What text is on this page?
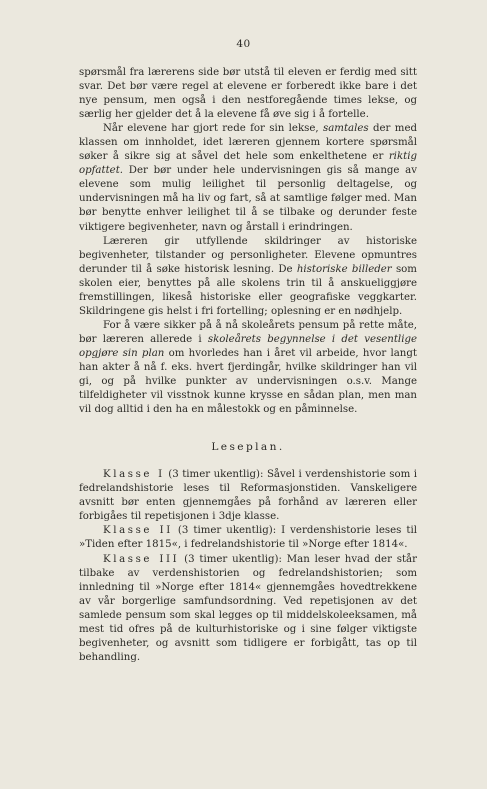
40

spørsmål fra lærerens side bør utstå til eleven er ferdig med sitt svar. Det bør være regel at elevene er forberedt ikke bare i det nye pensum, men også i den nestforegående times lekse, og særlig her gjelder det å la elevene få øve sig i å fortelle.

Når elevene har gjort rede for sin lekse, samtales der med klassen om innholdet, idet læreren gjennem kortere spørsmål søker å sikre sig at såvel det hele som enkelthetene er riktig opfattet. Der bør under hele undervisningen gis så mange av elevene som mulig leilighet til personlig deltagelse, og undervisningen må ha liv og fart, så at samtlige følger med. Man bør benytte enhver leilighet til å se tilbake og derunder feste viktigere begivenheter, navn og årstall i erindringen.

Læreren gir utfyllende skildringer av historiske begivenheter, tilstander og personligheter. Elevene opmuntres derunder til å søke historisk lesning. De historiske billeder som skolen eier, benyttes på alle skolens trin til å anskueliggjøre fremstillingen, likeså historiske eller geografiske veggkarter. Skildringene gis helst i fri fortelling; oplesning er en nødhjelp.

For å være sikker på å nå skoleårets pensum på rette måte, bør læreren allerede i skoleårets begynnelse i det vesentlige opgjøre sin plan om hvorledes han i året vil arbeide, hvor langt han akter å nå f. eks. hvert fjerdingår, hvilke skildringer han vil gi, og på hvilke punkter av undervisningen o.s.v. Mange tilfeldigheter vil visstnok kunne krysse en sådan plan, men man vil dog alltid i den ha en målestokk og en påminnelse.

Leseplan.

Klasse I (3 timer ukentlig): Såvel i verdenshistorie som i fedrelandshistorie leses til Reformasjonstiden. Vanskeligere avsnitt bør enten gjennemgåes på forhånd av læreren eller forbigåes til repetisjonen i 3dje klasse.

Klasse II (3 timer ukentlig): I verdenshistorie leses til »Tiden efter 1815«, i fedrelandshistorie til »Norge efter 1814«.

Klasse III (3 timer ukentlig): Man leser hvad der står tilbake av verdenshistorien og fedrelandshistorien; som innledning til »Norge efter 1814« gjennemgåes hovedtrekkene av vår borgerlige samfundsordning. Ved repetisjonen av det samlede pensum som skal legges op til middelskoleeksamen, må mest tid ofres på de kulturhistoriske og i sine følger viktigste begivenheter, og avsnitt som tidligere er forbigått, tas op til behandling.
